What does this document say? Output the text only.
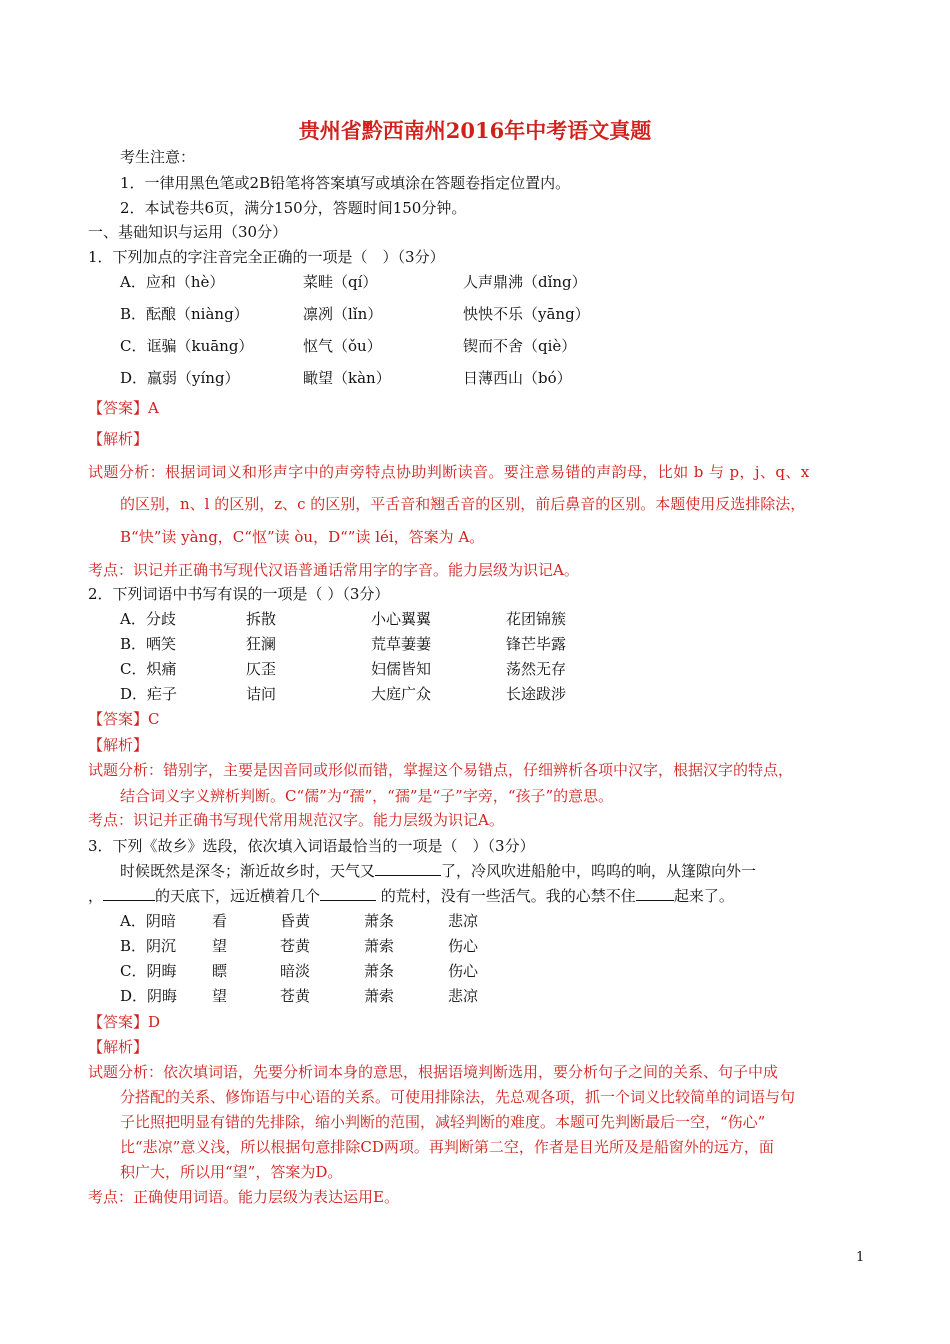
贵州省黔西南州2016年中考语文真题
考生注意：
1．一律用黑色笔或2B铅笔将答案填写或填涂在答题卷指定位置内。
2．本试卷共6页，满分150分，答题时间150分钟。
一、基础知识与运用（30分）
1．下列加点的字注音完全正确的一项是（　）（3分）
A．应和（hè）	菜畦（qí）	人声鼎沸（dǐng）
B．酝酿（niàng）	凛冽（lǐn）	怏怏不乐（yāng）
C．诓骗（kuāng）	怄气（ǒu）	锲而不舍（qiè）
D．羸弱（yíng）	瞰望（kàn）	日薄西山（bó）
【答案】A
【解析】
试题分析：根据词词义和形声字中的声旁特点协助判断读音。要注意易错的声韵母，比如 b 与 p，j、q、x
的区别，n、l 的区别，z、c 的区别，平舌音和翘舌音的区别，前后鼻音的区别。本题使用反选排除法，
B“快”读 yàng，C“怄”读 òu，D“”读 léi，答案为 A。
考点：识记并正确书写现代汉语普通话常用字的字音。能力层级为识记A。
2．下列词语中书写有误的一项是（ ）（3分）
A．分歧	拆散	小心翼翼	花团锦簇
B．哂笑	狂澜	荒草萋萋	锋芒毕露
C．炽痛	仄歪	妇儒皆知	荡然无存
D．疟子	诘问	大庭广众	长途跋涉
【答案】C
【解析】
试题分析：错别字，主要是因音同或形似而错，掌握这个易错点，仔细辨析各项中汉字，根据汉字的特点，
结合词义字义辨析判断。C“儒”为“孺”，“孺”是“子”字旁，“孩子”的意思。
考点：识记并正确书写现代常用规范汉字。能力层级为识记A。
3．下列《故乡》选段，依次填入词语最恰当的一项是（　）（3分）
时候既然是深冬；渐近故乡时，天气又	了，冷风吹进船舱中，呜呜的响，从篷隙向外一
，	的天底下，远近横着几个	的荒村，没有一些活气。我的心禁不住	起来了。
A．阴暗 看	昏黄	萧条	悲凉
B．阴沉 望	苍黄	萧索	伤心
C．阴晦 瞟	暗淡	萧条	伤心
D．阴晦 望	苍黄	萧索	悲凉
【答案】D
【解析】
试题分析：依次填词语，先要分析词本身的意思，根据语境判断选用，要分析句子之间的关系、句子中成
分搭配的关系、修饰语与中心语的关系。可使用排除法，先总观各项，抓一个词义比较简单的词语与句
子比照把明显有错的先排除，缩小判断的范围，减轻判断的难度。本题可先判断最后一空，“伤心”
比“悲凉”意义浅，所以根据句意排除CD两项。再判断第二空，作者是目光所及是船窗外的远方，面
积广大，所以用“望”，答案为D。
考点：正确使用词语。能力层级为表达运用E。
1
